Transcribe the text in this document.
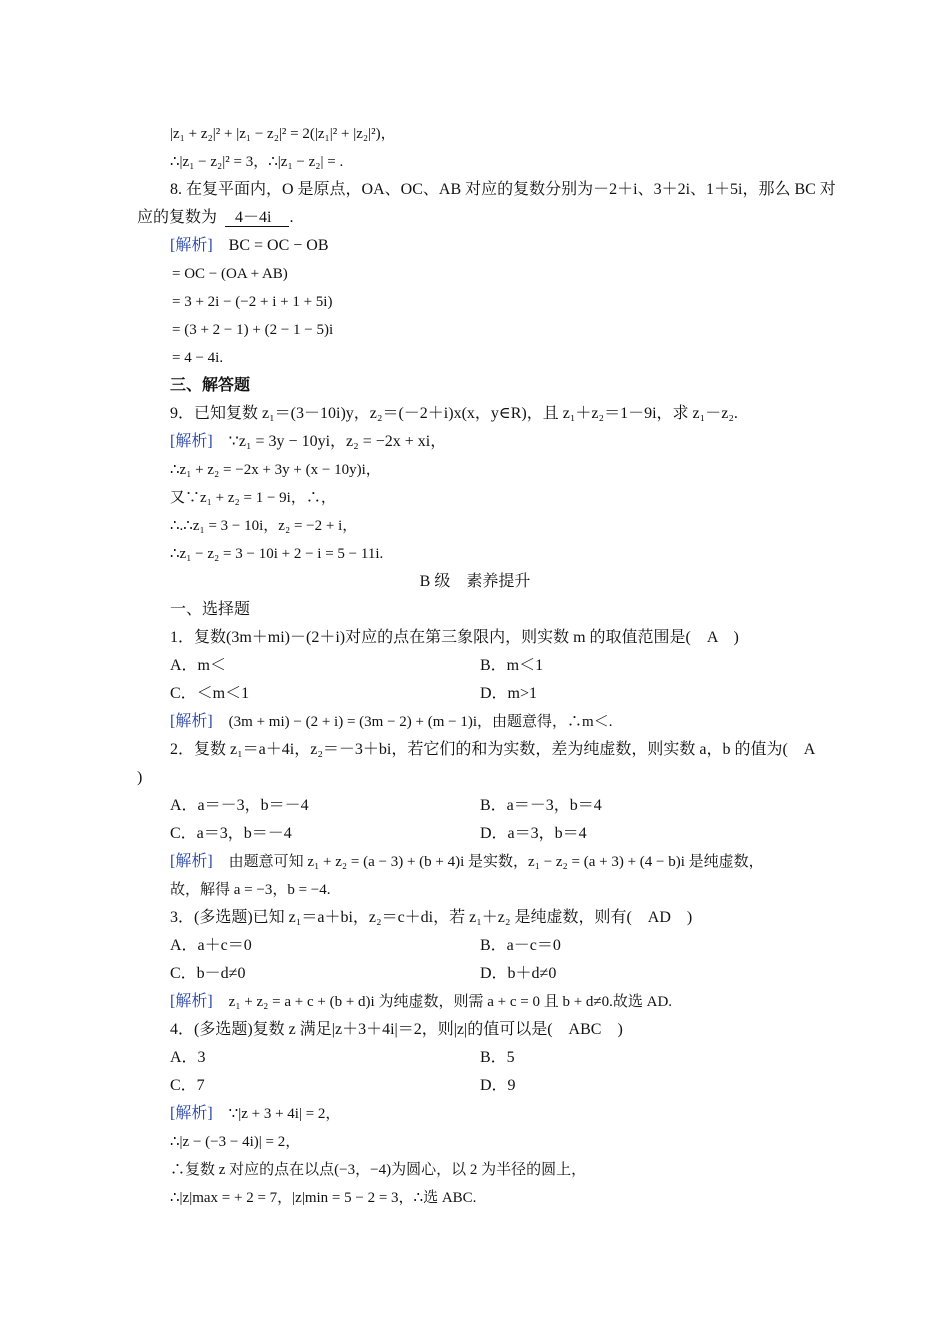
|z₁ + z₂|² + |z₁ − z₂|² = 2(|z₁|² + |z₂|²)，
∴|z₁ − z₂|² = 3，∴|z₁ − z₂| = .
8. 在复平面内，O 是原点，OA、OC、AB 对应的复数分别为－2＋i、3＋2i、1＋5i，那么 BC 对
应的复数为 4－4i .
[解析] BC = OC − OB
= OC − (OA + AB)
= 3 + 2i − (−2 + i + 1 + 5i)
= (3 + 2 − 1) + (2 − 1 − 5)i
= 4 − 4i.
三、解答题
9．已知复数 z₁＝(3－10i)y，z₂＝(－2＋i)x(x，y∈R)，且 z₁＋z₂＝1－9i，求 z₁－z₂.
[解析] ∵z₁ = 3y − 10yi，z₂ = −2x + xi，
∴z₁ + z₂ = −2x + 3y + (x − 10y)i，
又∵z₁ + z₂ = 1 − 9i，∴，
∴.∴z₁ = 3 − 10i，z₂ = −2 + i，
∴z₁ − z₂ = 3 − 10i + 2 − i = 5 − 11i.
B 级　素养提升
一、选择题
1．复数(3m＋mi)－(2＋i)对应的点在第三象限内，则实数 m 的取值范围是(　A　)
A．m＜	B．m＜1
C．＜m＜1	D．m>1
[解析] (3m + mi) − (2 + i) = (3m − 2) + (m − 1)i，由题意得，∴m＜.
2．复数 z₁＝a＋4i，z₂＝－3＋bi，若它们的和为实数，差为纯虚数，则实数 a，b 的值为(　A
)
A．a＝－3，b＝－4	B．a＝－3，b＝4
C．a＝3，b＝－4	D．a＝3，b＝4
[解析] 由题意可知 z₁ + z₂ = (a − 3) + (b + 4)i 是实数，z₁ − z₂ = (a + 3) + (4 − b)i 是纯虚数，
故，解得 a = −3，b = −4.
3．(多选题)已知 z₁＝a＋bi，z₂＝c＋di，若 z₁＋z₂ 是纯虚数，则有(　AD　)
A．a＋c＝0	B．a－c＝0
C．b－d≠0	D．b＋d≠0
[解析] z₁ + z₂ = a + c + (b + d)i 为纯虚数，则需 a + c = 0 且 b + d≠0.故选 AD.
4．(多选题)复数 z 满足|z＋3＋4i|＝2，则|z|的值可以是(　ABC　)
A．3	B．5
C．7	D．9
[解析] ∵|z + 3 + 4i| = 2，
∴|z − (−3 − 4i)| = 2，
∴复数 z 对应的点在以点(−3，−4)为圆心，以 2 为半径的圆上，
∴|z|max = + 2 = 7，|z|min = 5 − 2 = 3，∴选 ABC.
